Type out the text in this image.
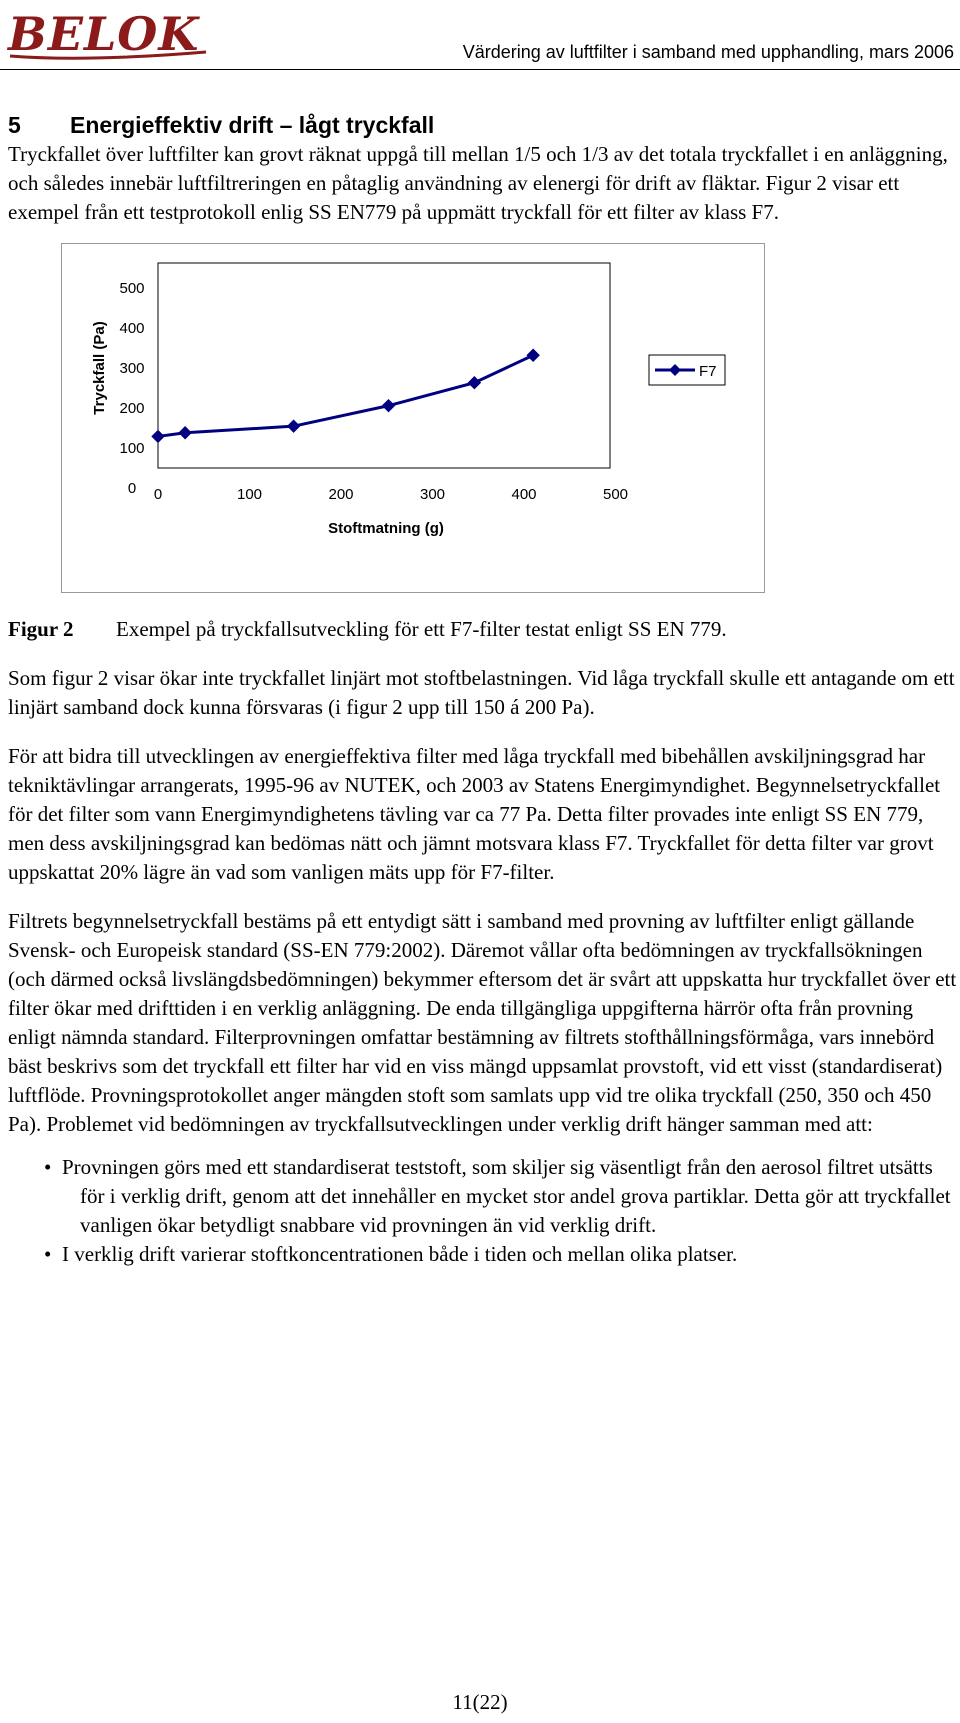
BELOK	Värdering av luftfilter i samband med upphandling, mars 2006
5 Energieffektiv drift – lågt tryckfall

Tryckfallet över luftfilter kan grovt räknat uppgå till mellan 1/5 och 1/3 av det totala tryckfallet i en anläggning, och således innebär luftfiltreringen en påtaglig användning av elenergi för drift av fläktar. Figur 2 visar ett exempel från ett testprotokoll enlig SS EN779 på uppmätt tryckfall för ett filter av klass F7.

0
100
200
300
400
500
0	100	200	300	400	500
Tryckfall (Pa)
Stoftmatning (g)
F7
Figur 2	Exempel på tryckfallsutveckling för ett F7-filter testat enligt SS EN 779.

Som figur 2 visar ökar inte tryckfallet linjärt mot stoftbelastningen. Vid låga tryckfall skulle ett antagande om ett linjärt samband dock kunna försvaras (i figur 2 upp till 150 á 200 Pa).

För att bidra till utvecklingen av energieffektiva filter med låga tryckfall med bibehållen avskiljningsgrad har tekniktävlingar arrangerats, 1995-96 av NUTEK, och 2003 av Statens Energimyndighet. Begynnelsetryckfallet för det filter som vann Energimyndighetens tävling var ca 77 Pa. Detta filter provades inte enligt SS EN 779, men dess avskiljningsgrad kan bedömas nätt och jämnt motsvara klass F7. Tryckfallet för detta filter var grovt uppskattat 20% lägre än vad som vanligen mäts upp för F7-filter.

Filtrets begynnelsetryckfall bestäms på ett entydigt sätt i samband med provning av luftfilter enligt gällande Svensk- och Europeisk standard (SS-EN 779:2002). Däremot vållar ofta bedömningen av tryckfallsökningen (och därmed också livslängdsbedömningen) bekymmer eftersom det är svårt att uppskatta hur tryckfallet över ett filter ökar med drifttiden i en verklig anläggning. De enda tillgängliga uppgifterna härrör ofta från provning enligt nämnda standard. Filterprovningen omfattar bestämning av filtrets stofthållningsförmåga, vars innebörd bäst beskrivs som det tryckfall ett filter har vid en viss mängd uppsamlat provstoft, vid ett visst (standardiserat) luftflöde. Provningsprotokollet anger mängden stoft som samlats upp vid tre olika tryckfall (250, 350 och 450 Pa). Problemet vid bedömningen av tryckfallsutvecklingen under verklig drift hänger samman med att:

• Provningen görs med ett standardiserat teststoft, som skiljer sig väsentligt från den aerosol filtret utsätts för i verklig drift, genom att det innehåller en mycket stor andel grova partiklar. Detta gör att tryckfallet vanligen ökar betydligt snabbare vid provningen än vid verklig drift.
• I verklig drift varierar stoftkoncentrationen både i tiden och mellan olika platser.
11(22)
